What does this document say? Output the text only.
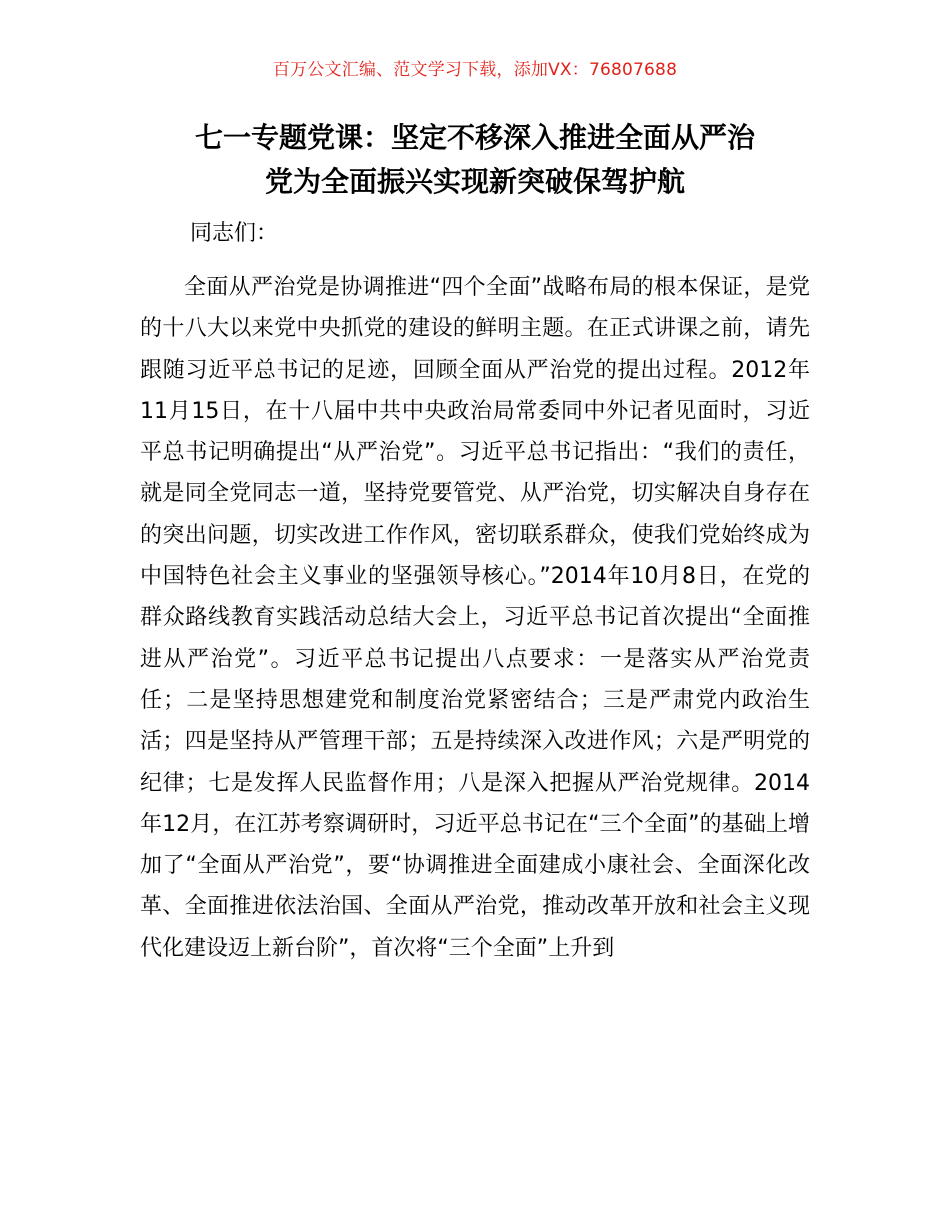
百万公文汇编、范文学习下载，添加VX：76807688
七一专题党课：坚定不移深入推进全面从严治
党为全面振兴实现新突破保驾护航

同志们：

全面从严治党是协调推进“四个全面”战略布局的根本保证，是党的十八大以来党中央抓党的建设的鲜明主题。在正式讲课之前，请先跟随习近平总书记的足迹，回顾全面从严治党的提出过程。2012年11月15日，在十八届中共中央政治局常委同中外记者见面时，习近平总书记明确提出“从严治党”。习近平总书记指出：“我们的责任，就是同全党同志一道，坚持党要管党、从严治党，切实解决自身存在的突出问题，切实改进工作作风，密切联系群众，使我们党始终成为中国特色社会主义事业的坚强领导核心。”2014年10月8日，在党的群众路线教育实践活动总结大会上，习近平总书记首次提出“全面推进从严治党”。习近平总书记提出八点要求：一是落实从严治党责任；二是坚持思想建党和制度治党紧密结合；三是严肃党内政治生活；四是坚持从严管理干部；五是持续深入改进作风；六是严明党的纪律；七是发挥人民监督作用；八是深入把握从严治党规律。2014年12月，在江苏考察调研时，习近平总书记在“三个全面”的基础上增加了“全面从严治党”，要“协调推进全面建成小康社会、全面深化改革、全面推进依法治国、全面从严治党，推动改革开放和社会主义现代化建设迈上新台阶”，首次将“三个全面”上升到
